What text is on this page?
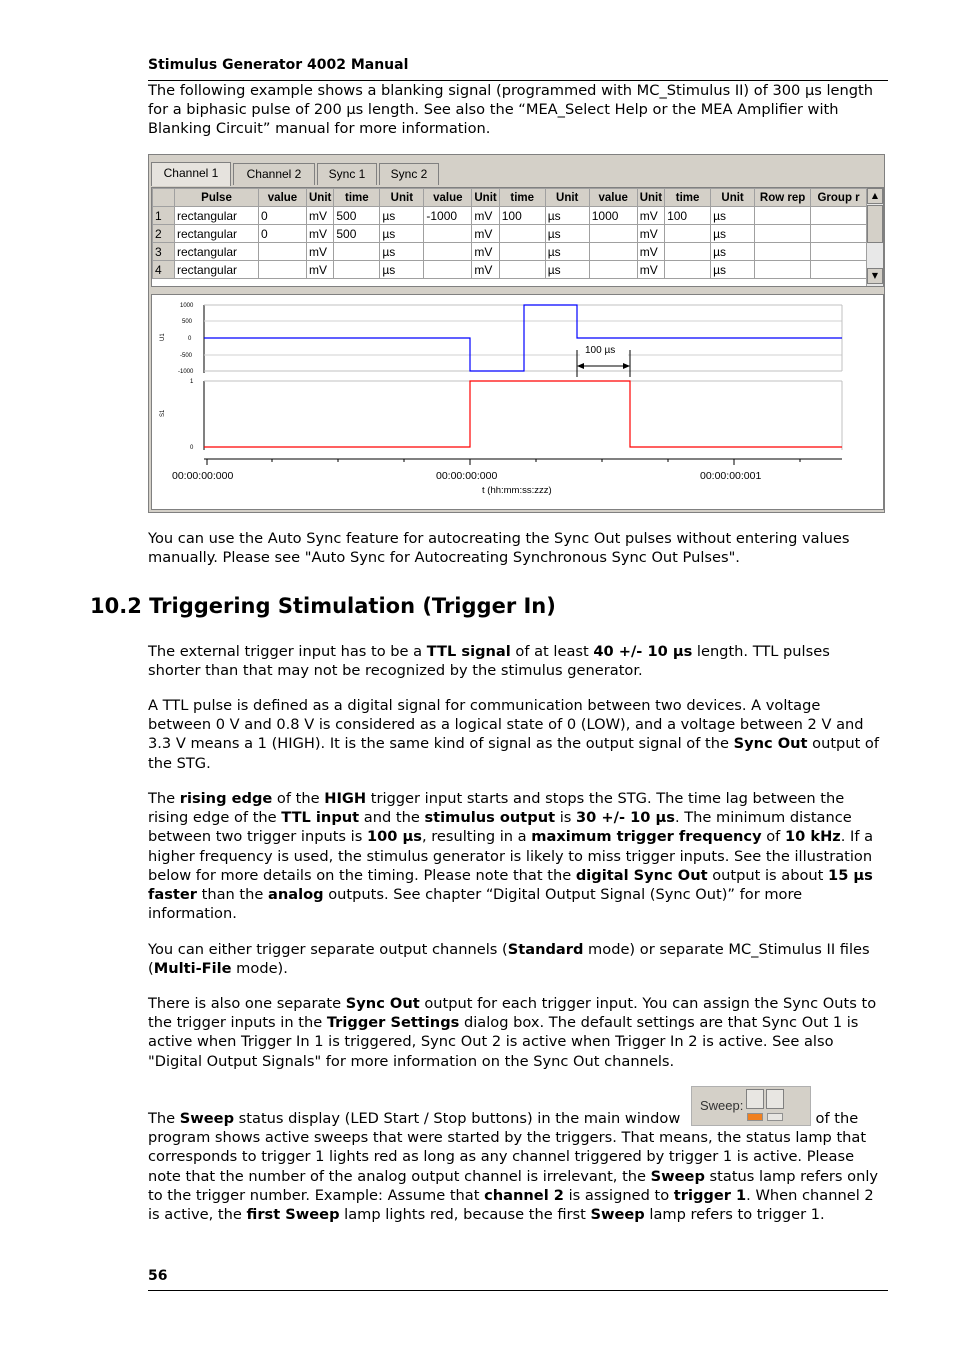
Stimulus Generator 4002 Manual
The following example shows a blanking signal (programmed with MC_Stimulus II) of 300 µs length for a biphasic pulse of 200 µs length. See also the “MEA_Select Help or the MEA Amplifier with Blanking Circuit” manual for more information.
Channel 1	Channel 2	Sync 1	Sync 2
	Pulse	value	Unit	time	Unit	value	Unit	time	Unit	value	Unit	time	Unit	Row rep	Group r
1	rectangular	0	mV	500	µs	-1000	mV	100	µs	1000	mV	100	µs		
2	rectangular	0	mV	500	µs		mV		µs		mV		µs		
3	rectangular		mV		µs		mV		µs		mV		µs		
4	rectangular		mV		µs		mV		µs		mV		µs		
▲
▼
1000
500
0
-500
-1000
U1
100 µs
1
0
S1
00:00:00:000	00:00:00:000	00:00:00:001
t (hh:mm:ss:zzz)
You can use the Auto Sync feature for autocreating the Sync Out pulses without entering values manually. Please see "Auto Sync for Autocreating Synchronous Sync Out Pulses".
10.2 Triggering Stimulation (Trigger In)
The external trigger input has to be a TTL signal of at least 40 +/- 10 µs length. TTL pulses shorter than that may not be recognized by the stimulus generator.
A TTL pulse is defined as a digital signal for communication between two devices. A voltage between 0 V and 0.8 V is considered as a logical state of 0 (LOW), and a voltage between 2 V and 3.3 V means a 1 (HIGH). It is the same kind of signal as the output signal of the Sync Out output of the STG.
The rising edge of the HIGH trigger input starts and stops the STG. The time lag between the rising edge of the TTL input and the stimulus output is 30 +/- 10 µs. The minimum distance between two trigger inputs is 100 µs, resulting in a maximum trigger frequency of 10 kHz. If a higher frequency is used, the stimulus generator is likely to miss trigger inputs. See the illustration below for more details on the timing. Please note that the digital Sync Out output is about 15 µs faster than the analog outputs. See chapter “Digital Output Signal (Sync Out)” for more information.
You can either trigger separate output channels (Standard mode) or separate MC_Stimulus II files (Multi-File mode).
There is also one separate Sync Out output for each trigger input. You can assign the Sync Outs to the trigger inputs in the Trigger Settings dialog box. The default settings are that Sync Out 1 is active when Trigger In 1 is triggered, Sync Out 2 is active when Trigger In 2 is active. See also "Digital Output Signals" for more information on the Sync Out channels.
The Sweep status display (LED Start / Stop buttons) in the main window	of the program shows active sweeps that were started by the triggers. That means, the status lamp that corresponds to trigger 1 lights red as long as any channel triggered by trigger 1 is active. Please note that the number of the analog output channel is irrelevant, the Sweep status lamp refers only to the trigger number. Example: Assume that channel 2 is assigned to trigger 1. When channel 2 is active, the first Sweep lamp lights red, because the first Sweep lamp refers to trigger 1.
Sweep:
56
